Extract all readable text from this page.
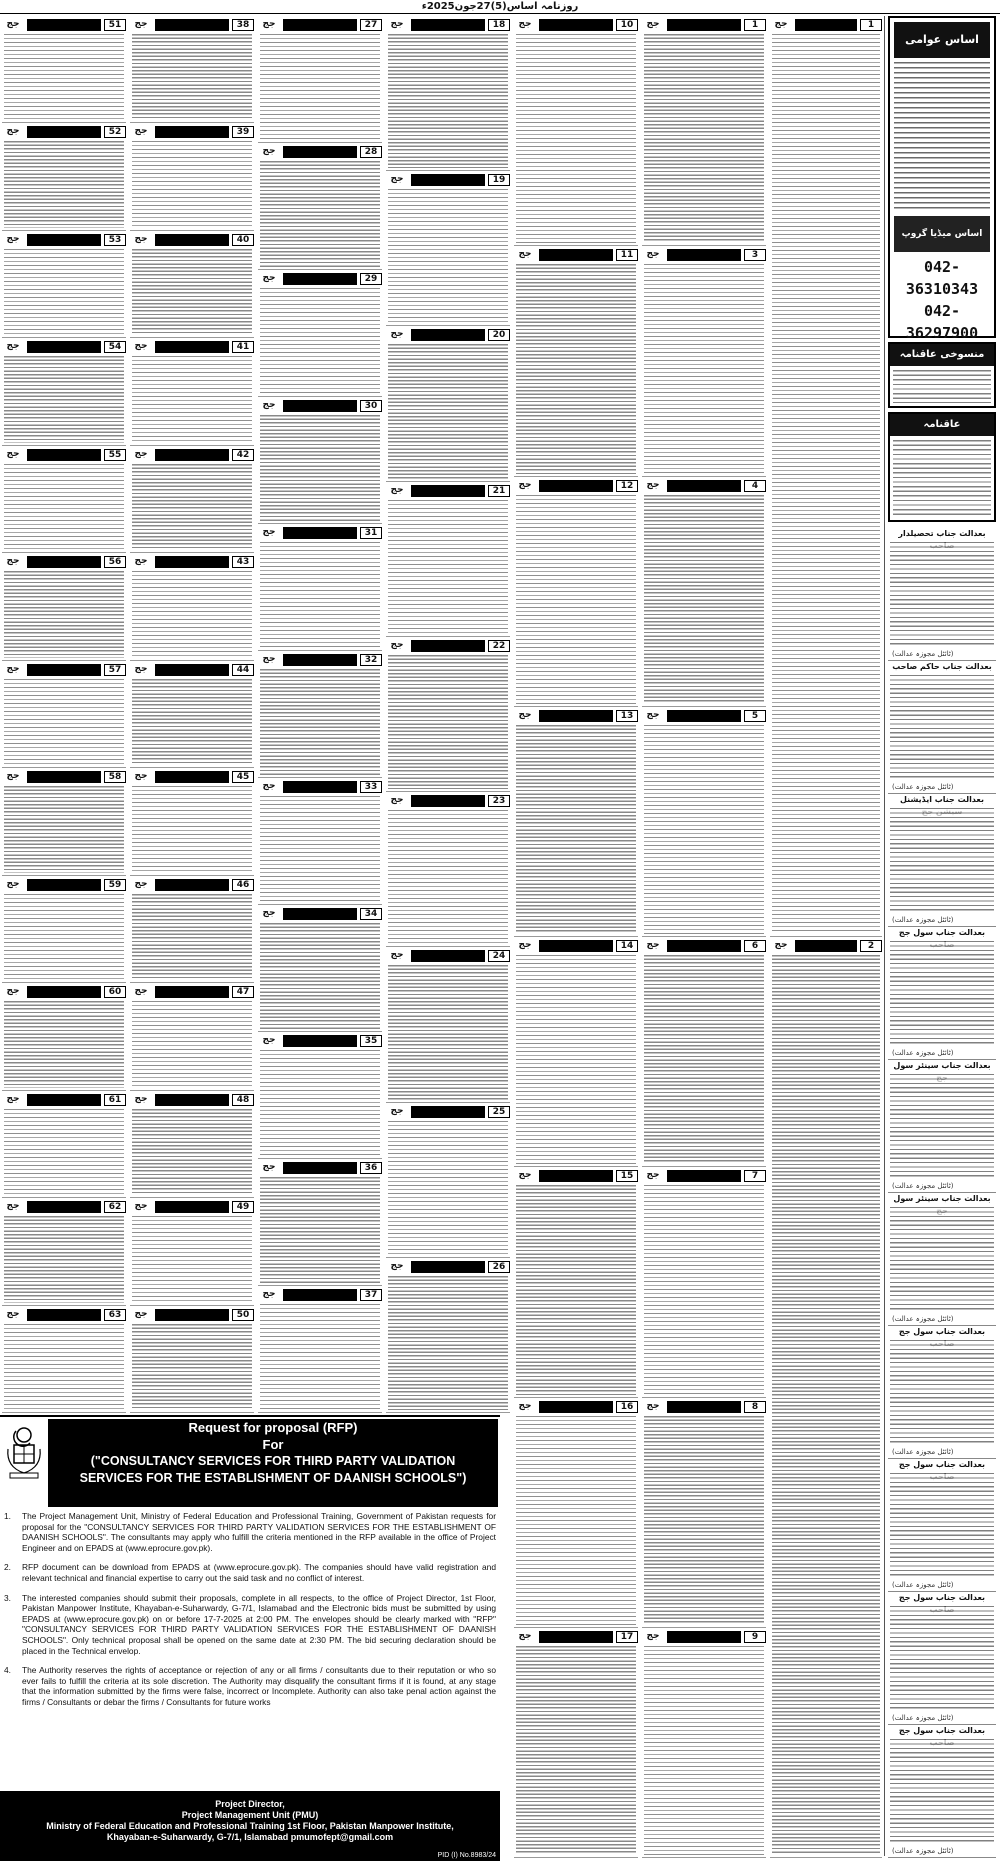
روزنامہ اساس(5)27جون2025ء
اساس عوامی
اساس میڈیا گروپ
042-36310343
042-36297900
منسوخی عاقنامہ
عاقنامہ
بعدالت جناب تحصیلدار
(ٹائٹل مجوزہ عدالت)
بعدالت جناب حاکم صاحب
(ٹائٹل مجوزہ عدالت)
بعدالت جناب ایڈیشنل
(ٹائٹل مجوزہ عدالت)
بعدالت جناب سول جج
(ٹائٹل مجوزہ عدالت)
بعدالت جناب سینئر سول
(ٹائٹل مجوزہ عدالت)
بعدالت جناب سینئر سول
(ٹائٹل مجوزہ عدالت)
بعدالت جناب سول جج
(ٹائٹل مجوزہ عدالت)
بعدالت جناب سول جج
(ٹائٹل مجوزہ عدالت)
بعدالت جناب سول جج
(ٹائٹل مجوزہ عدالت)
بعدالت جناب سول جج
(ٹائٹل مجوزہ عدالت)
جج	51
جج	52
جج	53
جج	54
جج	55
جج	56
جج	57
جج	58
جج	59
جج	60
جج	61
جج	62
جج	63
جج	38
جج	39
جج	40
جج	41
جج	42
جج	43
جج	44
جج	45
جج	46
جج	47
جج	48
جج	49
جج	50
جج	27
جج	28
جج	29
جج	30
جج	31
جج	32
جج	33
جج	34
جج	35
جج	36
جج	37
جج	18
جج	19
جج	20
جج	21
جج	22
جج	23
جج	24
جج	25
جج	26
جج	10
جج	11
جج	12
جج	13
جج	14
جج	15
جج	16
جج	17
جج	1
جج	3
جج	4
جج	5
جج	6
جج	7
جج	8
جج	9
جج	1
جج	2
Request for proposal (RFP)
For
("CONSULTANCY SERVICES FOR THIRD PARTY VALIDATION SERVICES FOR THE ESTABLISHMENT OF DAANISH SCHOOLS")
1.	The Project Management Unit, Ministry of Federal Education and Professional Training, Government of Pakistan requests for proposal for the "CONSULTANCY SERVICES FOR THIRD PARTY VALIDATION SERVICES FOR THE ESTABLISHMENT OF DAANISH SCHOOLS". The consultants may apply who fulfill the criteria mentioned in the RFP available in the office of Project Engineer and on EPADS at (www.eprocure.gov.pk).
2.	RFP document can be download from EPADS at (www.eprocure.gov.pk). The companies should have valid registration and relevant technical and financial expertise to carry out the said task and no conflict of interest.
3.	The interested companies should submit their proposals, complete in all respects, to the office of Project Director, 1st Floor, Pakistan Manpower Institute, Khayaban-e-Suharwardy, G-7/1, Islamabad and the Electronic bids must be submitted by using EPADS at (www.eprocure.gov.pk) on or before 17-7-2025 at 2:00 PM. The envelopes should be clearly marked with "RFP" "CONSULTANCY SERVICES FOR THIRD PARTY VALIDATION SERVICES FOR THE ESTABLISHMENT OF DAANISH SCHOOLS". Only technical proposal shall be opened on the same date at 2:30 PM. The bid securing declaration should be placed in the Technical envelop.
4.	The Authority reserves the rights of acceptance or rejection of any or all firms / consultants due to their reputation or who so ever fails to fulfill the criteria at its sole discretion. The Authority may disqualify the consultant firms if it is found, at any stage that the information submitted by the firms were false, incorrect or Incomplete. Authority can also take penal action against the firms / Consultants or debar the firms / Consultants for future works
Project Director,
Project Management Unit (PMU)
Ministry of Federal Education and Professional Training 1st Floor, Pakistan Manpower Institute,
Khayaban-e-Suharwardy, G-7/1, Islamabad pmumofept@gmail.com
PID (I) No.8983/24
